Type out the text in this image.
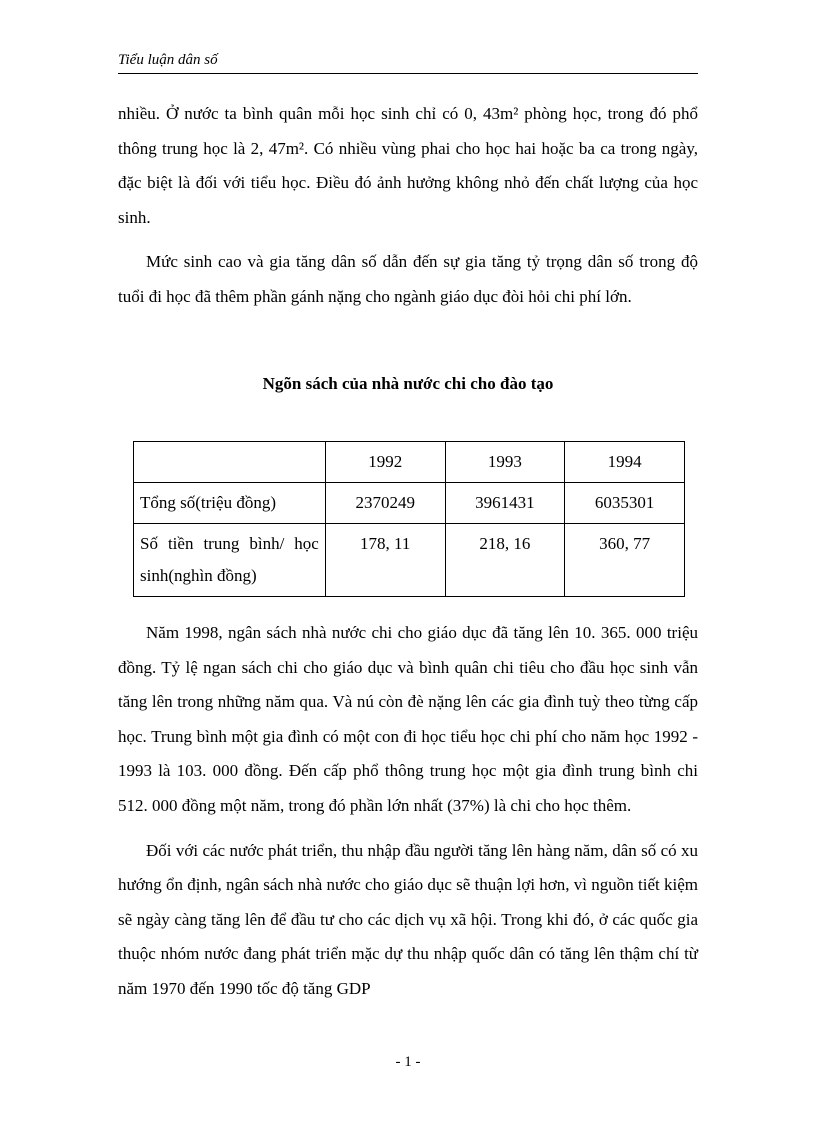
Tiểu luận dân số

nhiều. Ở nước ta bình quân mỗi học sinh chỉ có 0, 43m² phòng học, trong đó phổ thông trung học là 2, 47m². Có nhiều vùng phai cho học hai hoặc ba ca trong ngày, đặc biệt là đối với tiểu học. Điều đó ảnh hưởng không nhỏ đến chất lượng của học sinh.

Mức sinh cao và gia tăng dân số dẫn đến sự gia tăng tỷ trọng dân số trong độ tuổi đi học đã thêm phần gánh nặng cho ngành giáo dục đòi hỏi chi phí lớn.

Ngõn sách của nhà nước chi cho đào tạo
	1992	1993	1994
Tổng số(triệu đồng)	2370249	3961431	6035301
Số tiền trung bình/ học sinh(nghìn đồng)	178, 11	218, 16	360, 77

Năm 1998, ngân sách nhà nước chi cho giáo dục đã tăng lên 10. 365. 000 triệu đồng. Tỷ lệ ngan sách chi cho giáo dục và bình quân chi tiêu cho đầu học sinh vẫn tăng lên trong những năm qua. Và nú còn đè nặng lên các gia đình tuỳ theo từng cấp học. Trung bình một gia đình có một con đi học tiểu học chi phí cho năm học 1992 - 1993 là 103. 000 đồng. Đến cấp phổ thông trung học một gia đình trung bình chi 512. 000 đồng một năm, trong đó phần lớn nhất (37%) là chi cho học thêm.

Đối với các nước phát triển, thu nhập đầu người tăng lên hàng năm, dân số có xu hướng ổn định, ngân sách nhà nước cho giáo dục sẽ thuận lợi hơn, vì nguồn tiết kiệm sẽ ngày càng tăng lên để đầu tư cho các dịch vụ xã hội. Trong khi đó, ở các quốc gia thuộc nhóm nước đang phát triển mặc dự thu nhập quốc dân có tăng lên thậm chí từ năm 1970 đến 1990 tốc độ tăng GDP

- 1 -
